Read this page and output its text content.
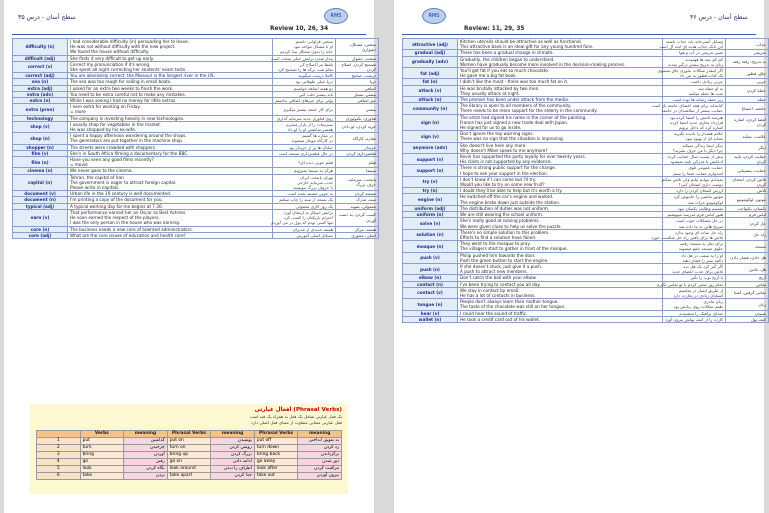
سطح آسان - درس ۳۵	RMS
Review 10, 26, 34
difficulty (n)	I had considerable difficulty (in) persuading her to leave.
He was not without difficulty with the new project.
We found the house without difficulty.	سختی فراوانی داشتم
او با مشکل مواجه نبود
خانه را بدون مشکل پیدا کردیم	سختی، مشکل، دشواری
difficult (adj)	She finds it very difficult to get up early.	بیدار شدن برایش خیلی سخت است	سخت، دشوار
correct (v)	Correct my pronunciation if it's wrong.
She spent all night correcting her students' exam tests.	تلفظ مرا اصلاح کن
تمام شب برگه ها را تصحیح کرد	تصحیح کردن، اصلاح کردن
correct (adj)	You are absolutely correct; the Missouri is the longest river in the US.	کاملا درست میگویید	درست، صحیح
sea (n)	The sea was too rough for sailing in small boats.	دریا خیلی طوفانی بود	دریا
extra (adj)	I asked for an extra two weeks to finish the work.	دو هفته اضافه خواستم	اضافی
extra (adv)	You need to be extra careful not to make any mistakes.	باید بیشتر دقت کنی	بیشتر، بسیار
extra (n)	While I was seeing I had no money for little extras.	پولی برای چیزهای اضافی نداشتم	چیز اضافی
extra (pron)	I earn extra for working on Friday.
= more	برای کار جمعه بیشتر میگیرم	بیشتر
technology	The company is investing heavily in new technologies.	روی فناوری جدید سرمایه گذاری	فناوری، تکنولوژی
shop (v)	I usually shop for vegetables in the market.
He was shopped by his ex-wife.	سبزیجات را از بازار میخرم
همسر سابقش او را لو داد	خرید کردن، لو دادن
shop (n)	I spent a happy afternoon wandering around the shops.
The generators are put together in the machine shop.	در مغازه ها گشتم
در کارگاه مونتاژ میشوند	مغازه، کارگاه
shopper (n)	The streets were crowded with shoppers.	خیابان ها پر از خریدار بود	خریدار
film (v)	She's in South Africa filming a documentary for the BBC.	در حال فیلمبرداری مستند است	فیلمبرداری کردن
film (n)	Have you seen any good films recently?
= movie	فیلم خوبی دیده ای؟	فیلم
cinema (n)	We never goes to the cinema.	هرگز به سینما نمیرویم	سینما
capital (n)	Tehran, the capital of Iran
The government is eager to attract foreign capital.
Please write in capitals.	تهران پایتخت ایران
جذب سرمایه خارجی
با حروف بزرگ بنویسید	پایتخت، سرمایه، حرف بزرگ
document (v)	Urban life in the 19 century is well documented.	به خوبی مستند شده است	مستند کردن
document (n)	I'm printing a copy of the document for you.	یک نسخه از سند را چاپ میکنم	سند، مدرک
typical (adj)	A typical working day for me begins at 7.30.	یک روز کاری معمولی	معمولی، نمونه
earn (v)	That performance earned her an Oscar as Best Actress.
He soon earned the respect of the players.
I was the only person in the house who was earning.	برایش اسکار به ارمغان آورد
احترام بازیکنان را کسب کرد
تنها کسی بودم که پول در می آوردم	کسب کردن، به دست آوردن
core (n)	The business needs a new core of talented administrators.	هسته جدیدی از مدیران	هسته، مرکز
core (adj)	What are the core issues of education and health care?	مسائل اصلی آموزش	اصلی، محوری
افعال عبارتی (Phrasal Verbs)
یک فعل عبارتی شامل یک فعل به همراه یک قید است
فعل عبارتی معنایی متفاوت از معنای فعل اصلی دارد
	Verbs	meaning	Phrasal Verbs	meaning	Phrasal Verbs	meaning
1	put	گذاشتن	put on	پوشیدن	put off	به تعویق انداختن
2	turn	چرخیدن	turn on	روشن کردن	turn down	رد کردن
3	bring	آوردن	bring up	بزرگ کردن	bring back	برگرداندن
4	go	رفتن	go on	ادامه دادن	go away	دور شدن
5	look	نگاه کردن	look around	اطراف را دیدن	look after	مراقبت کردن
6	take	بردن	take apart	جدا کردن	take out	بیرون آوردن
سطح آسان - درس ۳۶
RMS
Review: 11, 29, 35
attractive (adj)	Kitchen utensils should be attractive as well as functional.
This attractive bank is an ideal gift for any young hundred fans.	وسایل آشپزخانه باید جذاب باشند
این بانک جذاب هدیه ای ایده آل است	جذاب
gradual (adj)	There has been a gradual change in climate.	تغییر تدریجی در آب و هوا	تدریجی
gradually (adv)	Gradually, the children began to understand.
Women have gradually become more involved in the decision-making process.	کم کم بچه ها فهمیدند
زنان به تدریج بیشتر درگیر شدند	به تدریج، رفته رفته
fat (adj)	You'll get fat if you eat so much chocolate.
He gave me a big fat book.	اگر اینقدر شکلات بخوری چاق میشوی
یک کتاب قطور به من داد	چاق، قطور
fat (n)	I didn't like the meat - there was too much fat on it.	چربی زیادی داشت	چربی
attack (v)	He was brutally attacked by two men.
They usually attack at night.	به او حمله شد
شب ها حمله میکنند	حمله کردن
attack (n)	The premier has been under attack from the media.	زیر حمله رسانه ها بوده است	حمله
community (n)	The library is open to all members of the community.
There needs to be more support for the elderly in the community.	کتابخانه برای همه اعضای جامعه باز است
حمایت بیشتر از سالمندان در جامعه	جامعه، اجتماع
sign (n)	The artist had signed his name in the corner of the painting.
France has just signed a new trade deal with Japan.
He signed for us to go inside.	هنرمند نامش را امضا کرده بود
قرارداد تجاری جدید امضا کرده
اشاره کرد که داخل برویم	امضا کردن، اشاره کردن
sign (v)	Don't ignore the top warning signs.
There was no sign that the situation is improving.	علائم هشدار را نادیده نگیرید
نشانه ای از بهبود نبود	علامت، نشانه
anymore (adv)	She doesn't live here any more.
Why doesn't Mikel speak to me anymore?	دیگر اینجا زندگی نمیکند
چرا دیگر با من حرف نمیزند؟	دیگر
support (v)	Kevin has supported the party loyally for over twenty years.
His claim is not supported by any evidence.	بیش از بیست سال حمایت کرده
ادعایش با مدرکی تایید نمیشود	حمایت کردن، تایید کردن
support (n)	There is strong public support for the change.
I hope to see your support in the election.	حمایت عمومی قوی
امیدوارم حمایت شما را ببینم	حمایت، پشتیبانی
try (v)	I don't know if I can come but I'll try.
Would you like to try on some new fruit?	نمیدانم بتوانم بیایم ولی تلاش میکنم
دوست داری امتحان کنی؟	تلاش کردن، امتحان کردن
try (n)	I doubt they'll be able to help but it's worth a try.	ارزش امتحان کردن را دارد	تلاش
engine (n)	He switched off the car's engine and waited.
The engine broke down just outside the station.	موتور ماشین را خاموش کرد
لوکوموتیو خراب شد	موتور، لوکوموتیو
uniform (adj)	The distribution of duties was not uniform.	تقسیم وظایف یکسان نبود	یکسان، یکنواخت
uniform (n)	We are still wearing the school uniform.	هنوز لباس فرم مدرسه میپوشیم	لباس فرم
solve (v)	She's really good at solving problems.
We were given clues to help us solve the puzzle.	در حل مشکلات خوب است
سرنخ هایی به ما داده شد	حل کردن
solution (n)	There's no simple solution to this problem.
Efforts to find a solution have failed.	راه حل ساده ای وجود ندارد
تلاش ها برای یافتن راه حل شکست خورد	راه حل
mosque (n)	They went to the mosque to pray.
The villagers start to gather in front of the mosque.	برای نماز به مسجد رفتند
جلوی مسجد جمع میشوند	مسجد
push (v)	Philip pushed him towards the door.
Push the green button to start the engine.	او را به سمت در هل داد
دکمه سبز را فشار دهید	هل دادن، فشار دادن
push (n)	If she doesn't stuck, just give it a push.
A push to attract new members.	اگر گیر کرد یک هل بده
تلاش برای جذب اعضای جدید	هل، تلاش
elbow (n)	Don't catch the ball with your elbow.	با آرنج توپ را نگیر	آرنج
contact (n)	I've been trying to contact you all day.	تمام روز سعی کردم با تو تماس بگیرم	تماس
contact (v)	We stay in contact by email.
He has a lot of contacts in business.	از طریق ایمیل در تماسیم
آشنایان زیادی در تجارت دارد	تماس گرفتن، آشنا
tongue (n)	People don't always learn their mother tongue.
The taste of the chocolate was still on her tongue.	زبان مادری
طعم شکلات روی زبانش بود	زبان
hear (v)	I could hear the sound of traffic.	صدای ترافیک را میشنیدم	شنیدن
wallet (n)	He took a credit card out of his wallet.	کارت را از کیف پولش بیرون آورد	کیف پول
